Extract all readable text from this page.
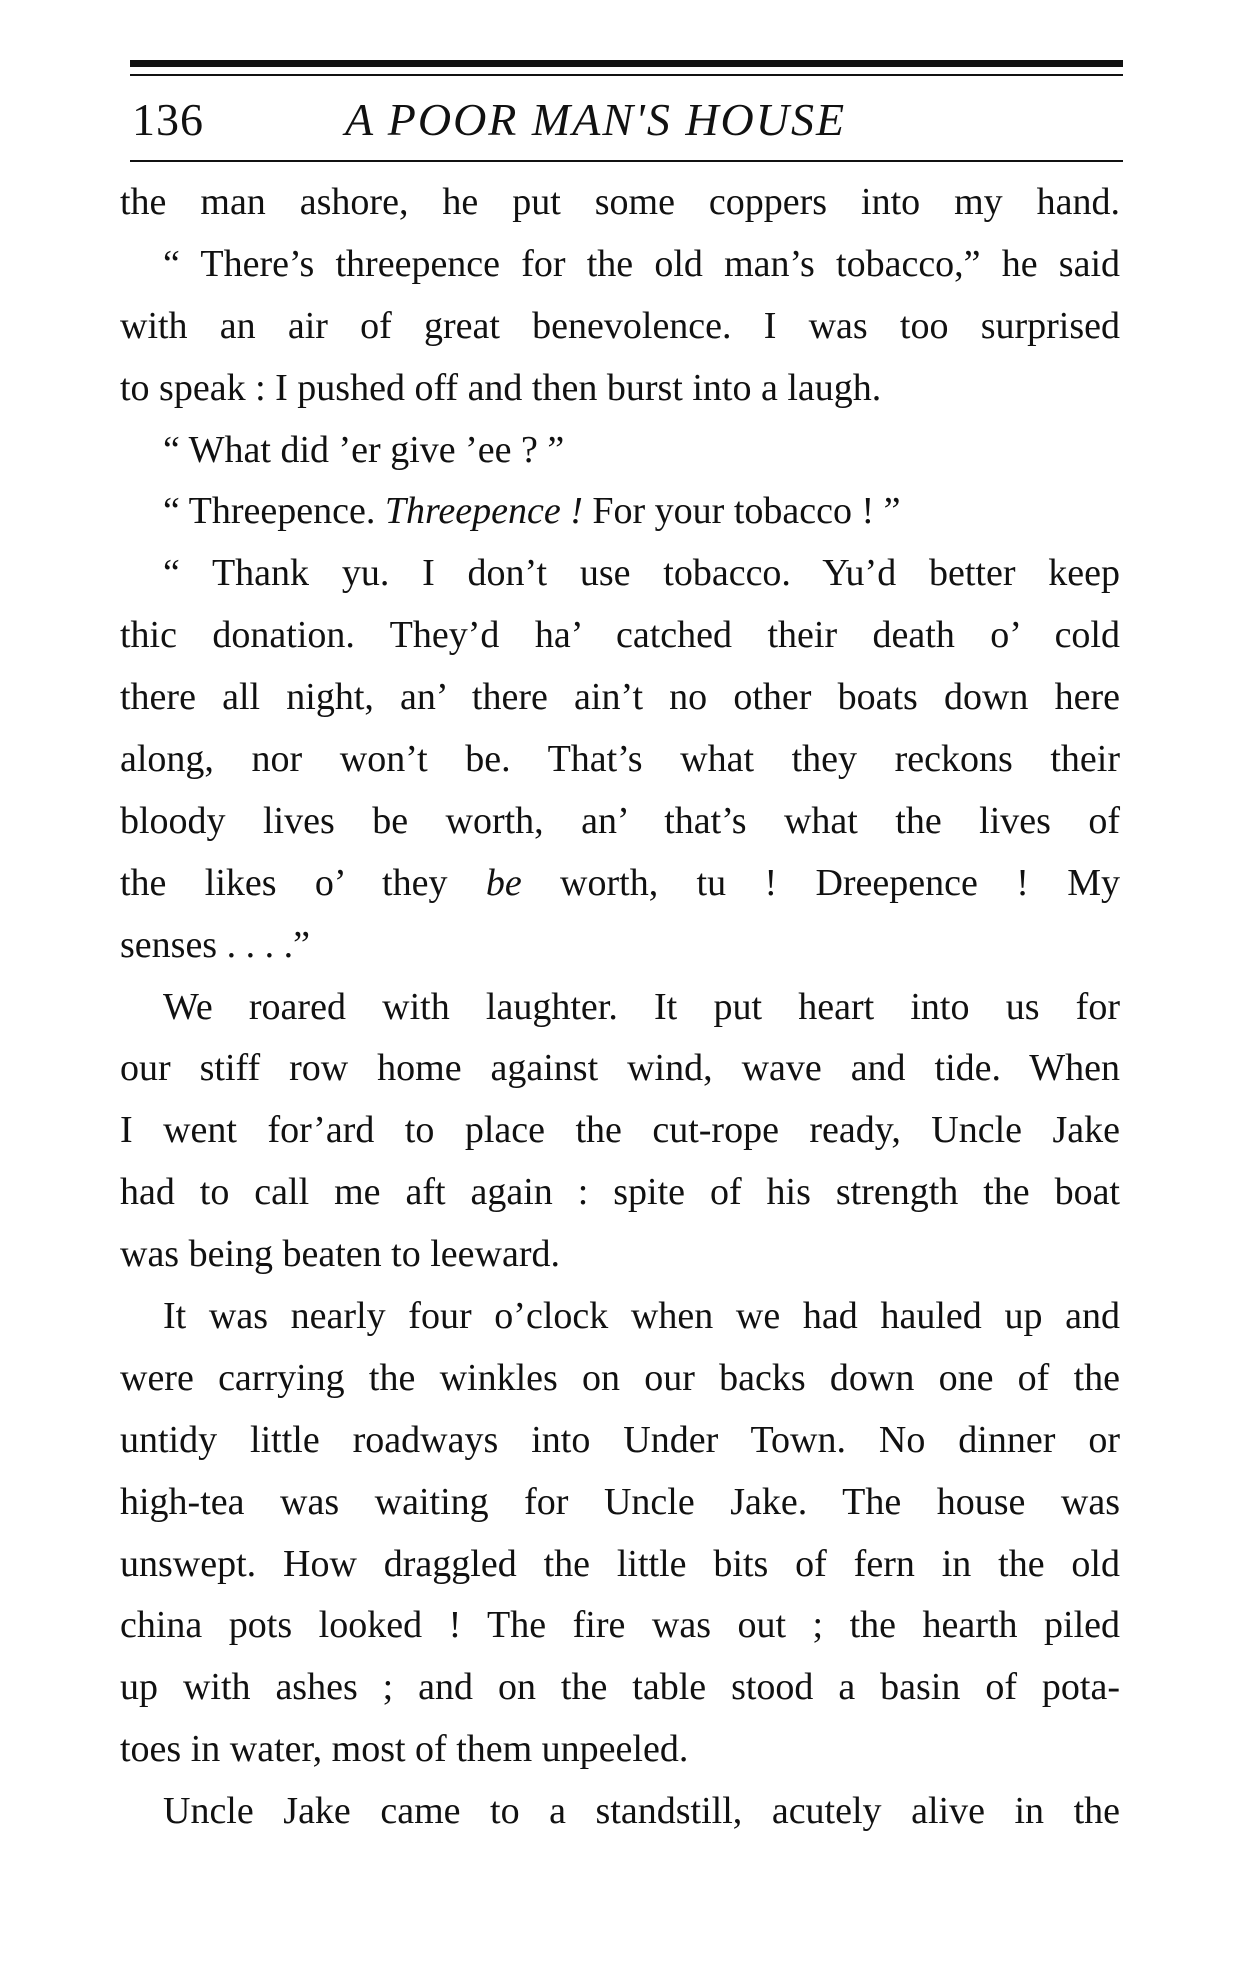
136	A POOR MAN'S HOUSE
the man ashore, he put some coppers into my hand.
“ There’s threepence for the old man’s tobacco,” he said
with an air of great benevolence. I was too surprised
to speak : I pushed off and then burst into a laugh.
“ What did ’er give ’ee ? ”
“ Threepence. Threepence ! For your tobacco ! ”
“ Thank yu. I don’t use tobacco. Yu’d better keep
thic donation. They’d ha’ catched their death o’ cold
there all night, an’ there ain’t no other boats down here
along, nor won’t be. That’s what they reckons their
bloody lives be worth, an’ that’s what the lives of
the likes o’ they be worth, tu ! Dreepence ! My
senses . . . .”
We roared with laughter. It put heart into us for
our stiff row home against wind, wave and tide. When
I went for’ard to place the cut-rope ready, Uncle Jake
had to call me aft again : spite of his strength the boat
was being beaten to leeward.
It was nearly four o’clock when we had hauled up and
were carrying the winkles on our backs down one of the
untidy little roadways into Under Town. No dinner or
high-tea was waiting for Uncle Jake. The house was
unswept. How draggled the little bits of fern in the old
china pots looked ! The fire was out ; the hearth piled
up with ashes ; and on the table stood a basin of pota-
toes in water, most of them unpeeled.
Uncle Jake came to a standstill, acutely alive in the
